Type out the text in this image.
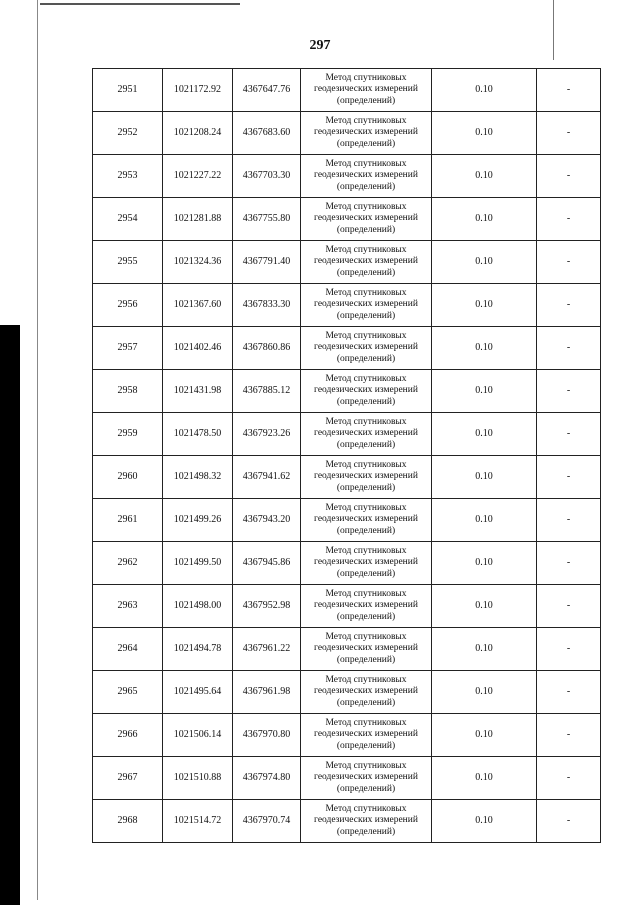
297
2951	1021172.92	4367647.76	Метод спутниковых
геодезических измерений
(определений)	0.10	-
2952	1021208.24	4367683.60	Метод спутниковых
геодезических измерений
(определений)	0.10	-
2953	1021227.22	4367703.30	Метод спутниковых
геодезических измерений
(определений)	0.10	-
2954	1021281.88	4367755.80	Метод спутниковых
геодезических измерений
(определений)	0.10	-
2955	1021324.36	4367791.40	Метод спутниковых
геодезических измерений
(определений)	0.10	-
2956	1021367.60	4367833.30	Метод спутниковых
геодезических измерений
(определений)	0.10	-
2957	1021402.46	4367860.86	Метод спутниковых
геодезических измерений
(определений)	0.10	-
2958	1021431.98	4367885.12	Метод спутниковых
геодезических измерений
(определений)	0.10	-
2959	1021478.50	4367923.26	Метод спутниковых
геодезических измерений
(определений)	0.10	-
2960	1021498.32	4367941.62	Метод спутниковых
геодезических измерений
(определений)	0.10	-
2961	1021499.26	4367943.20	Метод спутниковых
геодезических измерений
(определений)	0.10	-
2962	1021499.50	4367945.86	Метод спутниковых
геодезических измерений
(определений)	0.10	-
2963	1021498.00	4367952.98	Метод спутниковых
геодезических измерений
(определений)	0.10	-
2964	1021494.78	4367961.22	Метод спутниковых
геодезических измерений
(определений)	0.10	-
2965	1021495.64	4367961.98	Метод спутниковых
геодезических измерений
(определений)	0.10	-
2966	1021506.14	4367970.80	Метод спутниковых
геодезических измерений
(определений)	0.10	-
2967	1021510.88	4367974.80	Метод спутниковых
геодезических измерений
(определений)	0.10	-
2968	1021514.72	4367970.74	Метод спутниковых
геодезических измерений
(определений)	0.10	-
